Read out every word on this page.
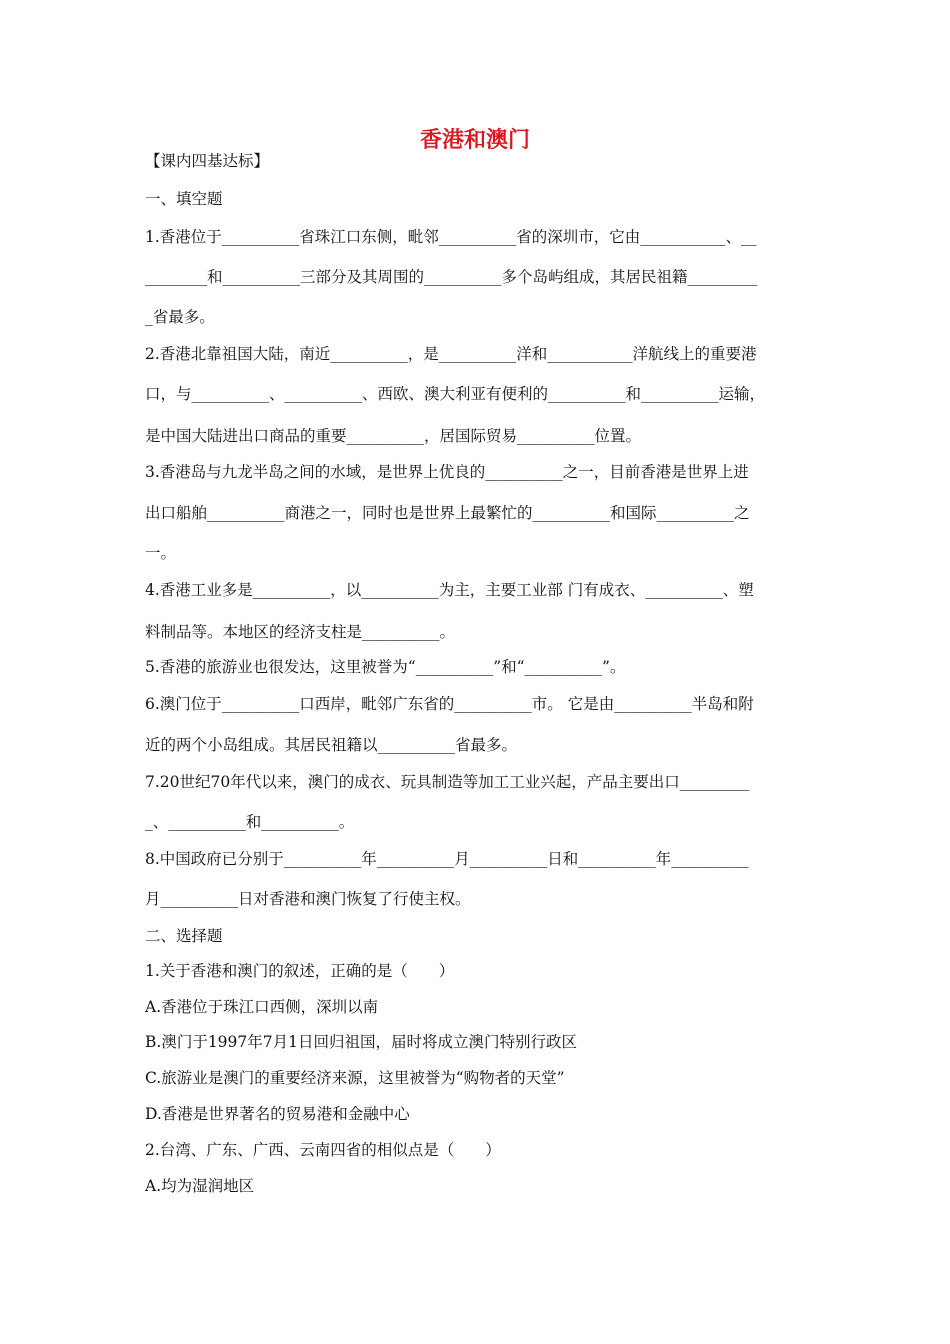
香港和澳门
【课内四基达标】
一、填空题
1.香港位于__________省珠江口东侧，毗邻__________省的深圳市，它由___________、__
________和__________三部分及其周围的__________多个岛屿组成，其居民祖籍_________
_省最多。
2.香港北靠祖国大陆，南近__________，是__________洋和___________洋航线上的重要港
口，与__________、__________、西欧、澳大利亚有便利的__________和__________运输，
是中国大陆进出口商品的重要__________，居国际贸易__________位置。
3.香港岛与九龙半岛之间的水域，是世界上优良的__________之一，目前香港是世界上进
出口船舶__________商港之一，同时也是世界上最繁忙的__________和国际__________之
一。
4.香港工业多是__________，以__________为主，主要工业部 门有成衣、__________、塑
料制品等。本地区的经济支柱是__________。
5.香港的旅游业也很发达，这里被誉为“__________”和“__________”。
6.澳门位于__________口西岸，毗邻广东省的__________市。 它是由__________半岛和附
近的两个小岛组成。其居民祖籍以__________省最多。
7.20世纪70年代以来，澳门的成衣、玩具制造等加工工业兴起，产品主要出口_________
_、__________和__________。
8.中国政府已分别于__________年__________月__________日和__________年__________
月__________日对香港和澳门恢复了行使主权。
二、选择题
1.关于香港和澳门的叙述，正确的是（　　）
A.香港位于珠江口西侧，深圳以南
B.澳门于1997年7月1日回归祖国，届时将成立澳门特别行政区
C.旅游业是澳门的重要经济来源，这里被誉为“购物者的天堂”
D.香港是世界著名的贸易港和金融中心
2.台湾、广东、广西、云南四省的相似点是（　　）
A.均为湿润地区
